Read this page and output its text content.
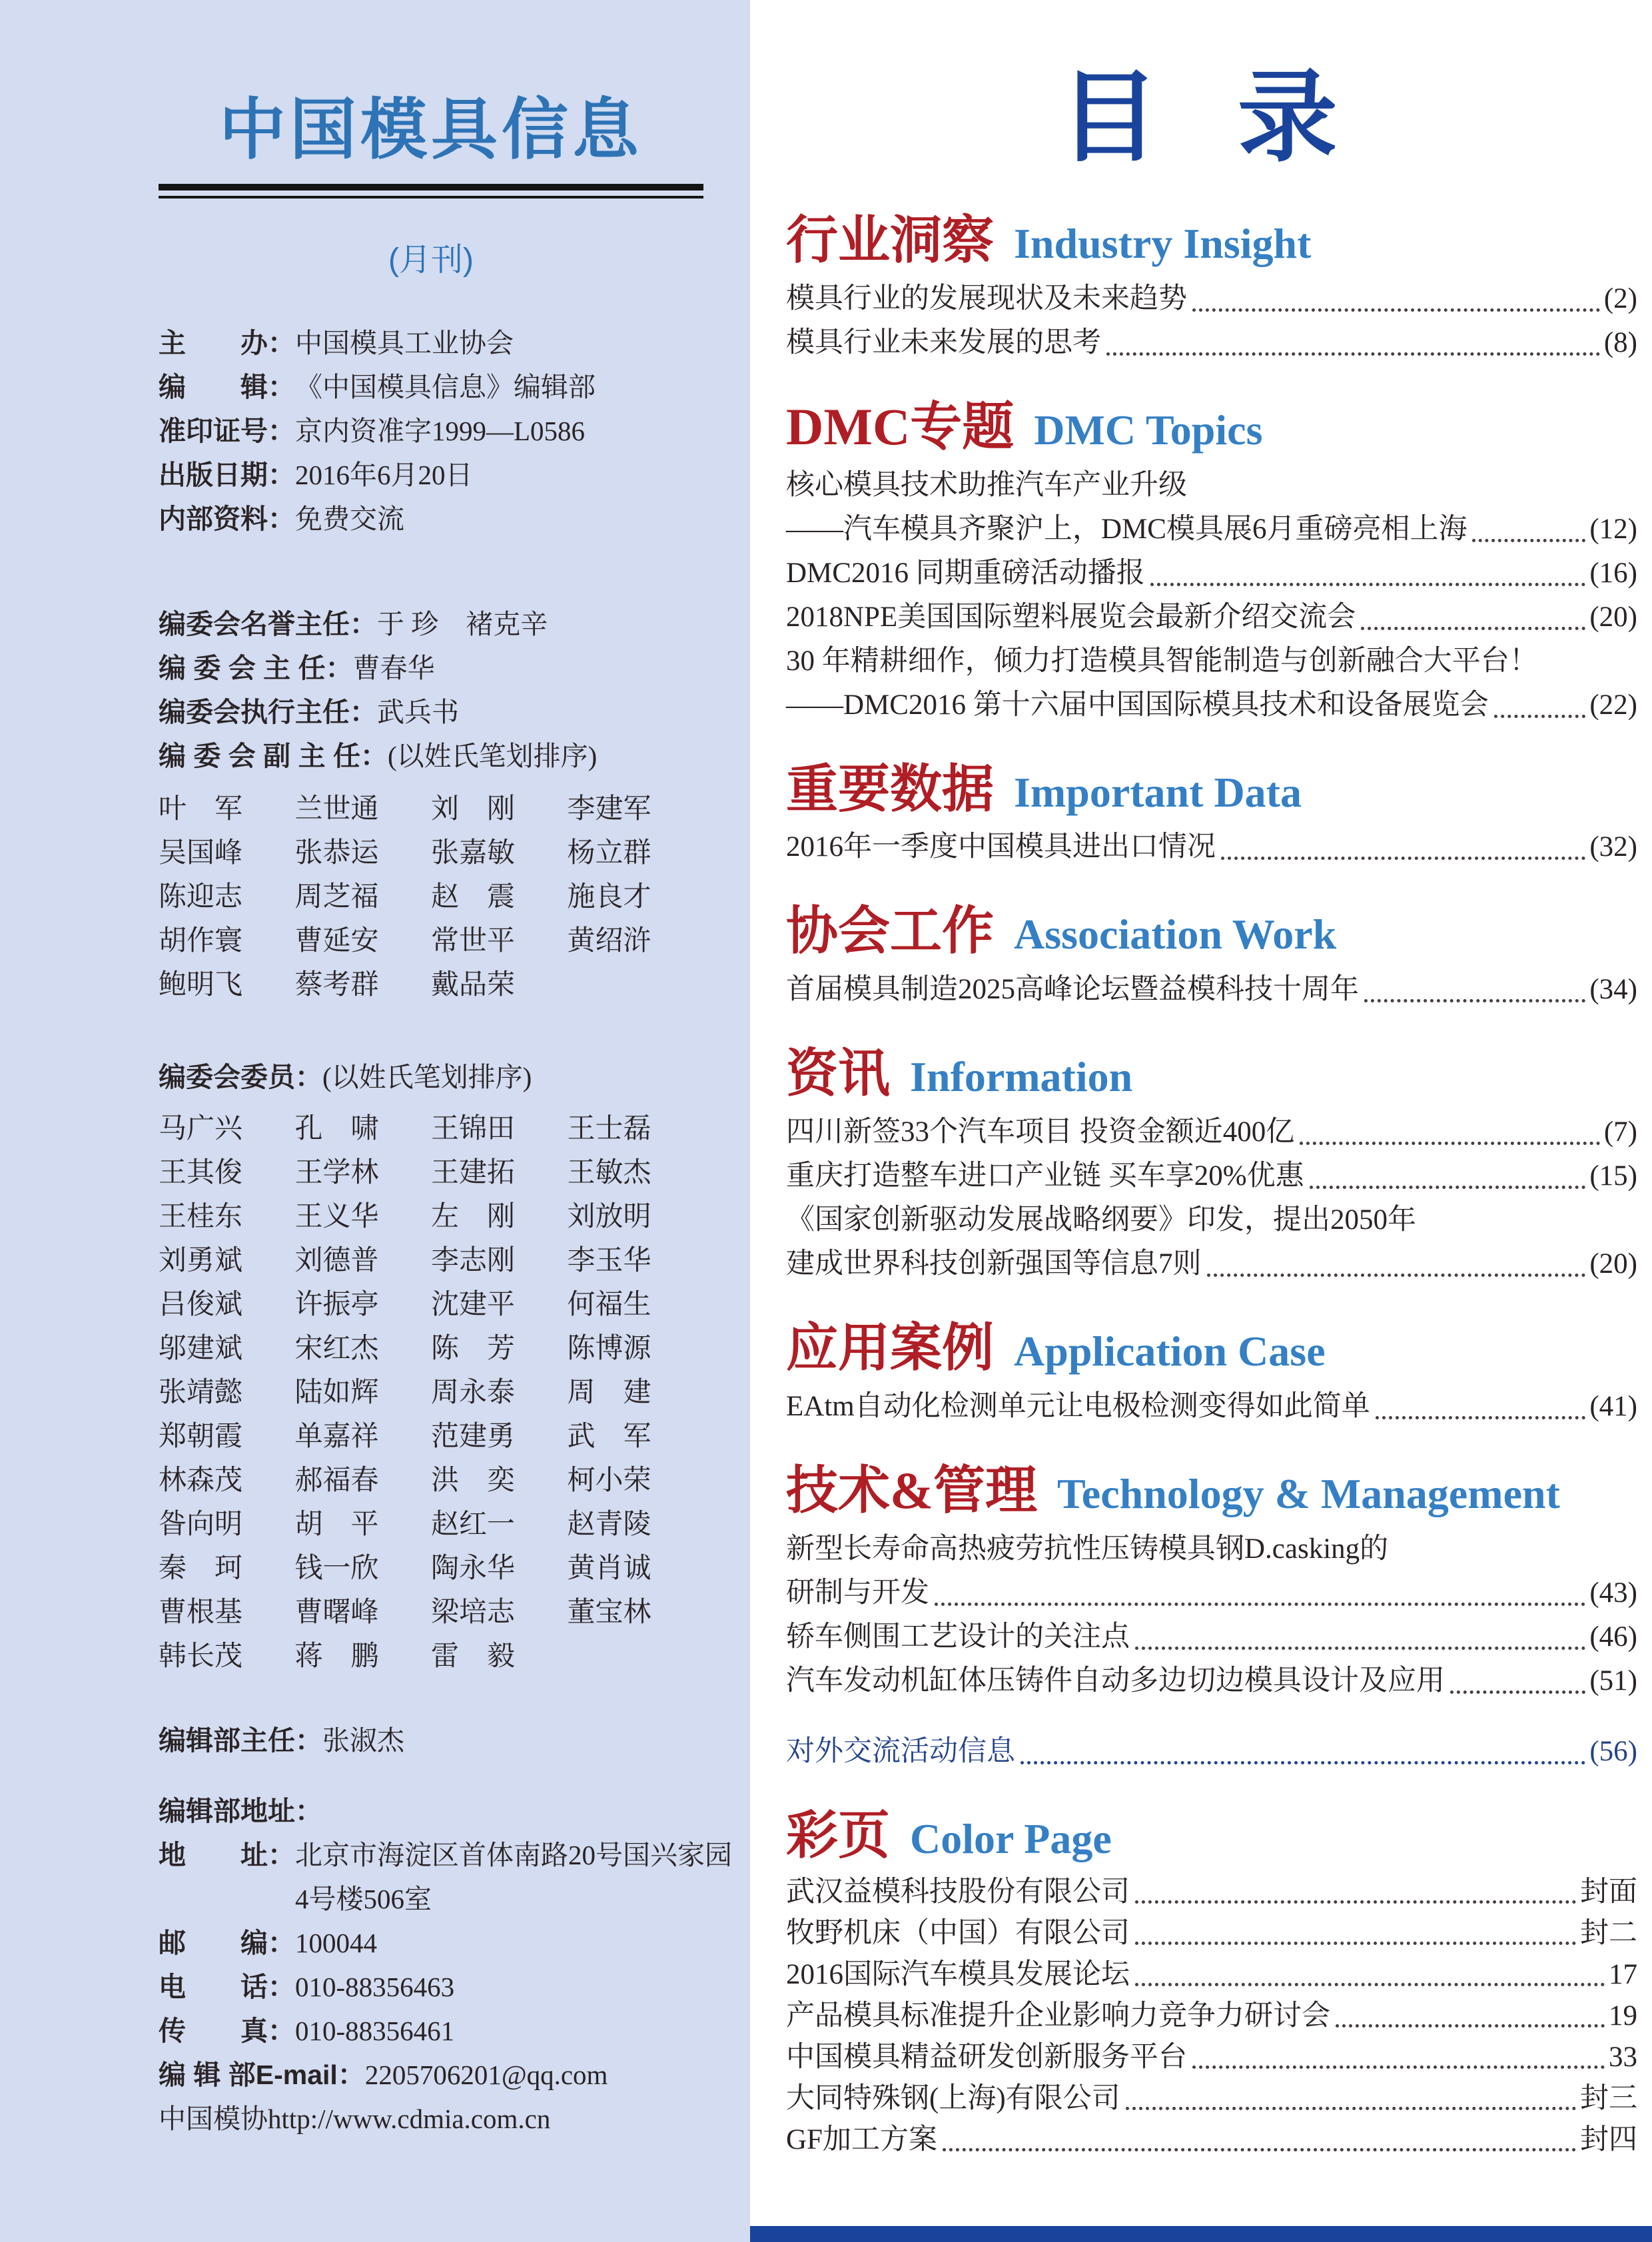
中国模具信息
(月刊)
主　　办： 中国模具工业协会
编　　辑： 《中国模具信息》编辑部
准印证号： 京内资准字1999—L0586
出版日期： 2016年6月20日
内部资料： 免费交流
编委会名誉主任： 于 珍　褚克辛
编 委 会 主 任： 曹春华
编委会执行主任： 武兵书
编 委 会 副 主 任： (以姓氏笔划排序)
叶　军	兰世通	刘　刚	李建军
吴国峰	张恭运	张嘉敏	杨立群
陈迎志	周芝福	赵　震	施良才
胡作寰	曹延安	常世平	黄绍浒
鲍明飞	蔡考群	戴品荣
编委会委员： (以姓氏笔划排序)
马广兴	孔　啸	王锦田	王士磊
王其俊	王学林	王建拓	王敏杰
王桂东	王义华	左　刚	刘放明
刘勇斌	刘德普	李志刚	李玉华
吕俊斌	许振亭	沈建平	何福生
邬建斌	宋红杰	陈　芳	陈博源
张靖懿	陆如辉	周永泰	周　建
郑朝霞	单嘉祥	范建勇	武　军
林森茂	郝福春	洪　奕	柯小荣
昝向明	胡　平	赵红一	赵青陵
秦　珂	钱一欣	陶永华	黄肖诚
曹根基	曹曙峰	梁培志	董宝林
韩长茂	蒋　鹏	雷　毅
编辑部主任： 张淑杰
编辑部地址：
地　　址： 北京市海淀区首体南路20号国兴家园
4号楼506室
邮　　编： 100044
电　　话： 010-88356463
传　　真： 010-88356461
编 辑 部E-mail： 2205706201@qq.com
中国模协 http://www.cdmia.com.cn
目 录
行业洞察 Industry Insight
模具行业的发展现状及未来趋势	(2)
模具行业未来发展的思考	(8)
DMC专题 DMC Topics
核心模具技术助推汽车产业升级
——汽车模具齐聚沪上，DMC模具展6月重磅亮相上海	(12)
DMC2016 同期重磅活动播报	(16)
2018NPE美国国际塑料展览会最新介绍交流会	(20)
30 年精耕细作，倾力打造模具智能制造与创新融合大平台！
——DMC2016 第十六届中国国际模具技术和设备展览会	(22)
重要数据 Important Data
2016年一季度中国模具进出口情况	(32)
协会工作 Association Work
首届模具制造2025高峰论坛暨益模科技十周年	(34)
资讯 Information
四川新签33个汽车项目 投资金额近400亿	(7)
重庆打造整车进口产业链 买车享20%优惠	(15)
《国家创新驱动发展战略纲要》印发，提出2050年
建成世界科技创新强国等信息7则	(20)
应用案例 Application Case
EAtm自动化检测单元让电极检测变得如此简单	(41)
技术&管理 Technology & Management
新型长寿命高热疲劳抗性压铸模具钢D.casking的
研制与开发	(43)
轿车侧围工艺设计的关注点	(46)
汽车发动机缸体压铸件自动多边切边模具设计及应用	(51)
对外交流活动信息	(56)
彩页 Color Page
武汉益模科技股份有限公司	封面
牧野机床（中国）有限公司	封二
2016国际汽车模具发展论坛	17
产品模具标准提升企业影响力竞争力研讨会	19
中国模具精益研发创新服务平台	33
大同特殊钢(上海)有限公司	封三
GF加工方案	封四
